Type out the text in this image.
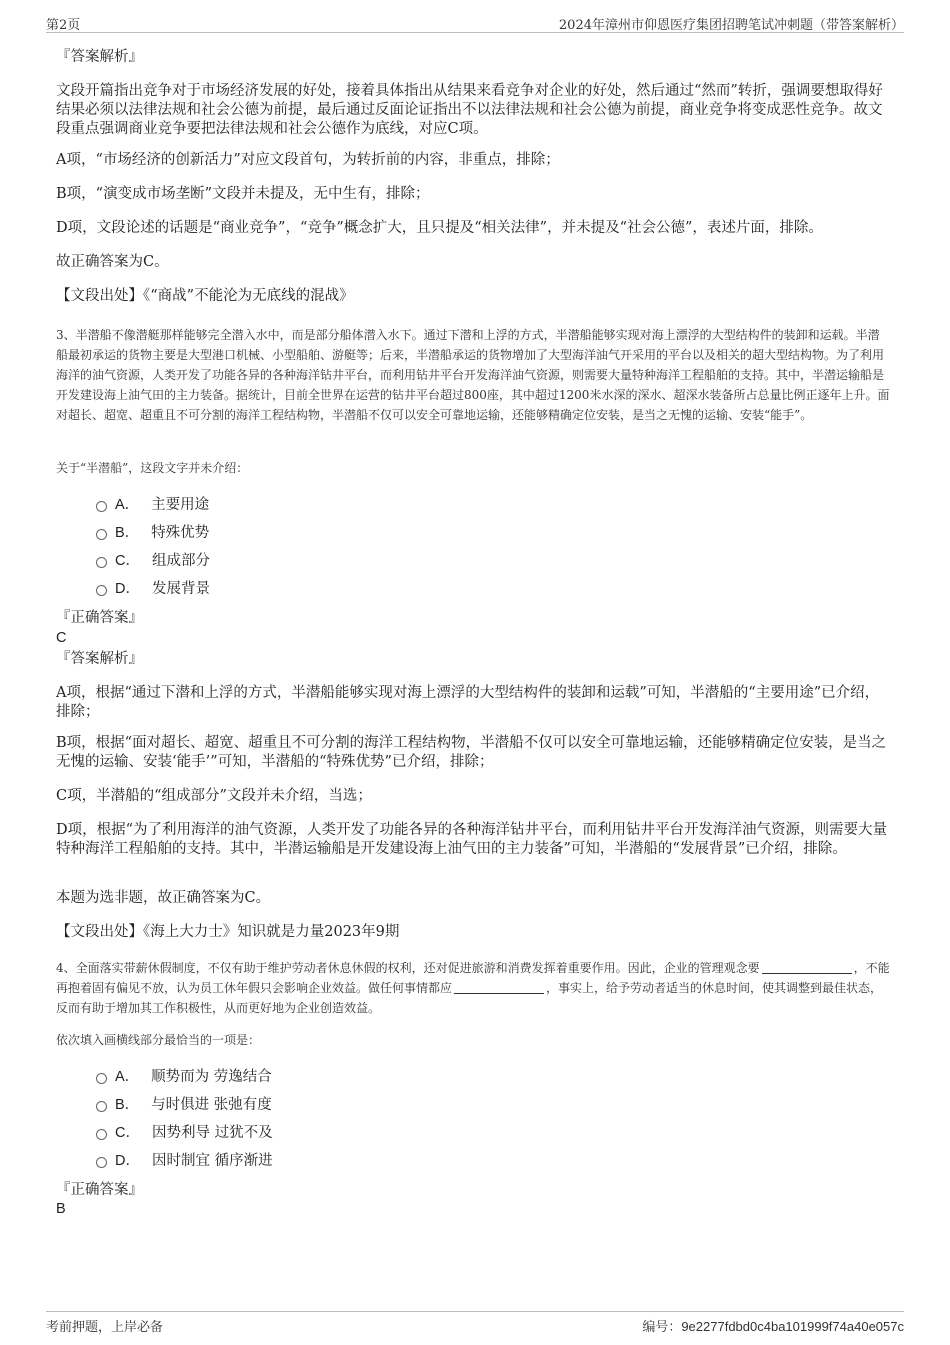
第2页	2024年漳州市仰恩医疗集团招聘笔试冲刺题（带答案解析）
『答案解析』
文段开篇指出竞争对于市场经济发展的好处，接着具体指出从结果来看竞争对企业的好处，然后通过“然而”转折，强调要想取得好结果必须以法律法规和社会公德为前提，最后通过反面论证指出不以法律法规和社会公德为前提，商业竞争将变成恶性竞争。故文段重点强调商业竞争要把法律法规和社会公德作为底线，对应C项。
A项，“市场经济的创新活力”对应文段首句，为转折前的内容，非重点，排除；
B项，“演变成市场垄断”文段并未提及，无中生有，排除；
D项，文段论述的话题是“商业竞争”，“竞争”概念扩大，且只提及“相关法律”，并未提及“社会公德”，表述片面，排除。
故正确答案为C。
【文段出处】《“商战”不能沦为无底线的混战》
3、半潜船不像潜艇那样能够完全潜入水中，而是部分船体潜入水下。通过下潜和上浮的方式，半潜船能够实现对海上漂浮的大型结构件的装卸和运载。半潜船最初承运的货物主要是大型港口机械、小型船舶、游艇等；后来，半潜船承运的货物增加了大型海洋油气开采用的平台以及相关的超大型结构物。为了利用海洋的油气资源，人类开发了功能各异的各种海洋钻井平台，而利用钻井平台开发海洋油气资源，则需要大量特种海洋工程船舶的支持。其中，半潜运输船是开发建设海上油气田的主力装备。据统计，目前全世界在运营的钻井平台超过800座，其中超过1200米水深的深水、超深水装备所占总量比例正逐年上升。面对超长、超宽、超重且不可分割的海洋工程结构物，半潜船不仅可以安全可靠地运输，还能够精确定位安装，是当之无愧的运输、安装“能手”。
关于“半潜船”，这段文字并未介绍：
A． 主要用途
B． 特殊优势
C． 组成部分
D． 发展背景
『正确答案』
C
『答案解析』
A项，根据“通过下潜和上浮的方式，半潜船能够实现对海上漂浮的大型结构件的装卸和运载”可知，半潜船的“主要用途”已介绍，排除；
B项，根据“面对超长、超宽、超重且不可分割的海洋工程结构物，半潜船不仅可以安全可靠地运输，还能够精确定位安装，是当之无愧的运输、安装‘能手’”可知，半潜船的“特殊优势”已介绍，排除；
C项，半潜船的“组成部分”文段并未介绍，当选；
D项，根据“为了利用海洋的油气资源，人类开发了功能各异的各种海洋钻井平台，而利用钻井平台开发海洋油气资源，则需要大量特种海洋工程船舶的支持。其中，半潜运输船是开发建设海上油气田的主力装备”可知，半潜船的“发展背景”已介绍，排除。
本题为选非题，故正确答案为C。
【文段出处】《海上大力士》知识就是力量2023年9期
4、全面落实带薪休假制度，不仅有助于维护劳动者休息休假的权利，还对促进旅游和消费发挥着重要作用。因此，企业的管理观念要	，不能再抱着固有偏见不放，认为员工休年假只会影响企业效益。做任何事情都应	，事实上，给予劳动者适当的休息时间，使其调整到最佳状态，反而有助于增加其工作积极性，从而更好地为企业创造效益。
依次填入画横线部分最恰当的一项是：
A． 顺势而为 劳逸结合
B． 与时俱进 张弛有度
C． 因势利导 过犹不及
D． 因时制宜 循序渐进
『正确答案』
B
考前押题，上岸必备	编号：9e2277fdbd0c4ba101999f74a40e057c
